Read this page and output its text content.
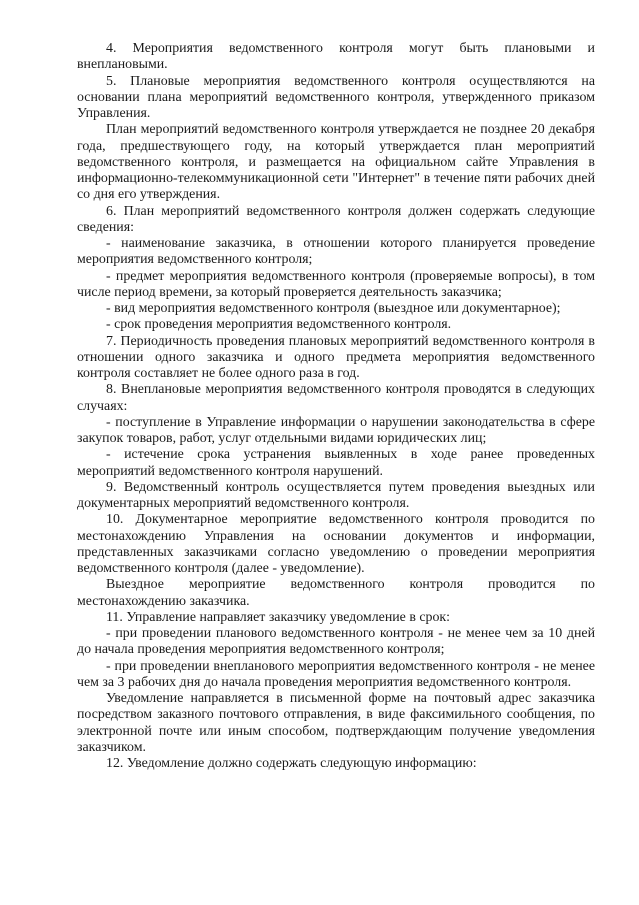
4. Мероприятия ведомственного контроля могут быть плановыми и внеплановыми.

5. Плановые мероприятия ведомственного контроля осуществляются на основании плана мероприятий ведомственного контроля, утвержденного приказом Управления.

План мероприятий ведомственного контроля утверждается не позднее 20 декабря года, предшествующего году, на который утверждается план мероприятий ведомственного контроля, и размещается на официальном сайте Управления в информационно-телекоммуникационной сети "Интернет" в течение пяти рабочих дней со дня его утверждения.

6. План мероприятий ведомственного контроля должен содержать следующие сведения:

- наименование заказчика, в отношении которого планируется проведение мероприятия ведомственного контроля;

- предмет мероприятия ведомственного контроля (проверяемые вопросы), в том числе период времени, за который проверяется деятельность заказчика;

- вид мероприятия ведомственного контроля (выездное или документарное);

- срок проведения мероприятия ведомственного контроля.

7. Периодичность проведения плановых мероприятий ведомственного контроля в отношении одного заказчика и одного предмета мероприятия ведомственного контроля составляет не более одного раза в год.

8. Внеплановые мероприятия ведомственного контроля проводятся в следующих случаях:

- поступление в Управление информации о нарушении законодательства в сфере закупок товаров, работ, услуг отдельными видами юридических лиц;

- истечение срока устранения выявленных в ходе ранее проведенных мероприятий ведомственного контроля нарушений.

9. Ведомственный контроль осуществляется путем проведения выездных или документарных мероприятий ведомственного контроля.

10. Документарное мероприятие ведомственного контроля проводится по местонахождению Управления на основании документов и информации, представленных заказчиками согласно уведомлению о проведении мероприятия ведомственного контроля (далее - уведомление).

Выездное мероприятие ведомственного контроля проводится по местонахождению заказчика.

11. Управление направляет заказчику уведомление в срок:

- при проведении планового ведомственного контроля - не менее чем за 10 дней до начала проведения мероприятия ведомственного контроля;

- при проведении внепланового мероприятия ведомственного контроля - не менее чем за 3 рабочих дня до начала проведения мероприятия ведомственного контроля.

Уведомление направляется в письменной форме на почтовый адрес заказчика посредством заказного почтового отправления, в виде факсимильного сообщения, по электронной почте или иным способом, подтверждающим получение уведомления заказчиком.

12. Уведомление должно содержать следующую информацию:
